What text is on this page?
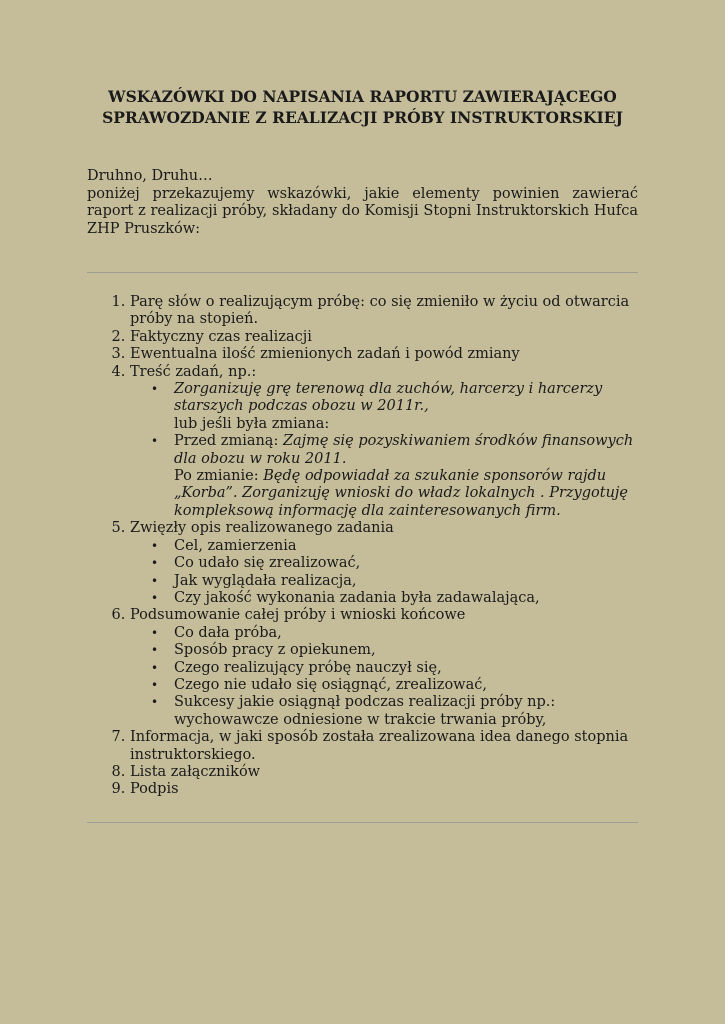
WSKAZÓWKI DO NAPISANIA RAPORTU ZAWIERAJĄCEGO
SPRAWOZDANIE Z REALIZACJI PRÓBY INSTRUKTORSKIEJ
Druhno, Druhu…
poniżej przekazujemy wskazówki, jakie elementy powinien zawierać raport z realizacji próby, składany do Komisji Stopni Instruktorskich Hufca ZHP Pruszków:
1. Parę słów o realizującym próbę: co się zmieniło w życiu od otwarcia próby na stopień.
2. Faktyczny czas realizacji
3. Ewentualna ilość zmienionych zadań i powód zmiany
4. Treść zadań, np.:
• Zorganizuję grę terenową dla zuchów, harcerzy i harcerzy starszych podczas obozu w 2011r.,
lub jeśli była zmiana:
• Przed zmianą: Zajmę się pozyskiwaniem środków finansowych dla obozu w roku 2011.
Po zmianie: Będę odpowiadał za szukanie sponsorów rajdu „Korba”. Zorganizuję wnioski do władz lokalnych . Przygotuję kompleksową informację dla zainteresowanych firm.
5. Zwięzły opis realizowanego zadania
• Cel, zamierzenia
• Co udało się zrealizować,
• Jak wyglądała realizacja,
• Czy jakość wykonania zadania była zadawalająca,
6. Podsumowanie całej próby i wnioski końcowe
• Co dała próba,
• Sposób pracy z opiekunem,
• Czego realizujący próbę nauczył się,
• Czego nie udało się osiągnąć, zrealizować,
• Sukcesy jakie osiągnął podczas realizacji próby np.: wychowawcze odniesione w trakcie trwania próby,
7. Informacja, w jaki sposób została zrealizowana idea danego stopnia instruktorskiego.
8. Lista załączników
9. Podpis
